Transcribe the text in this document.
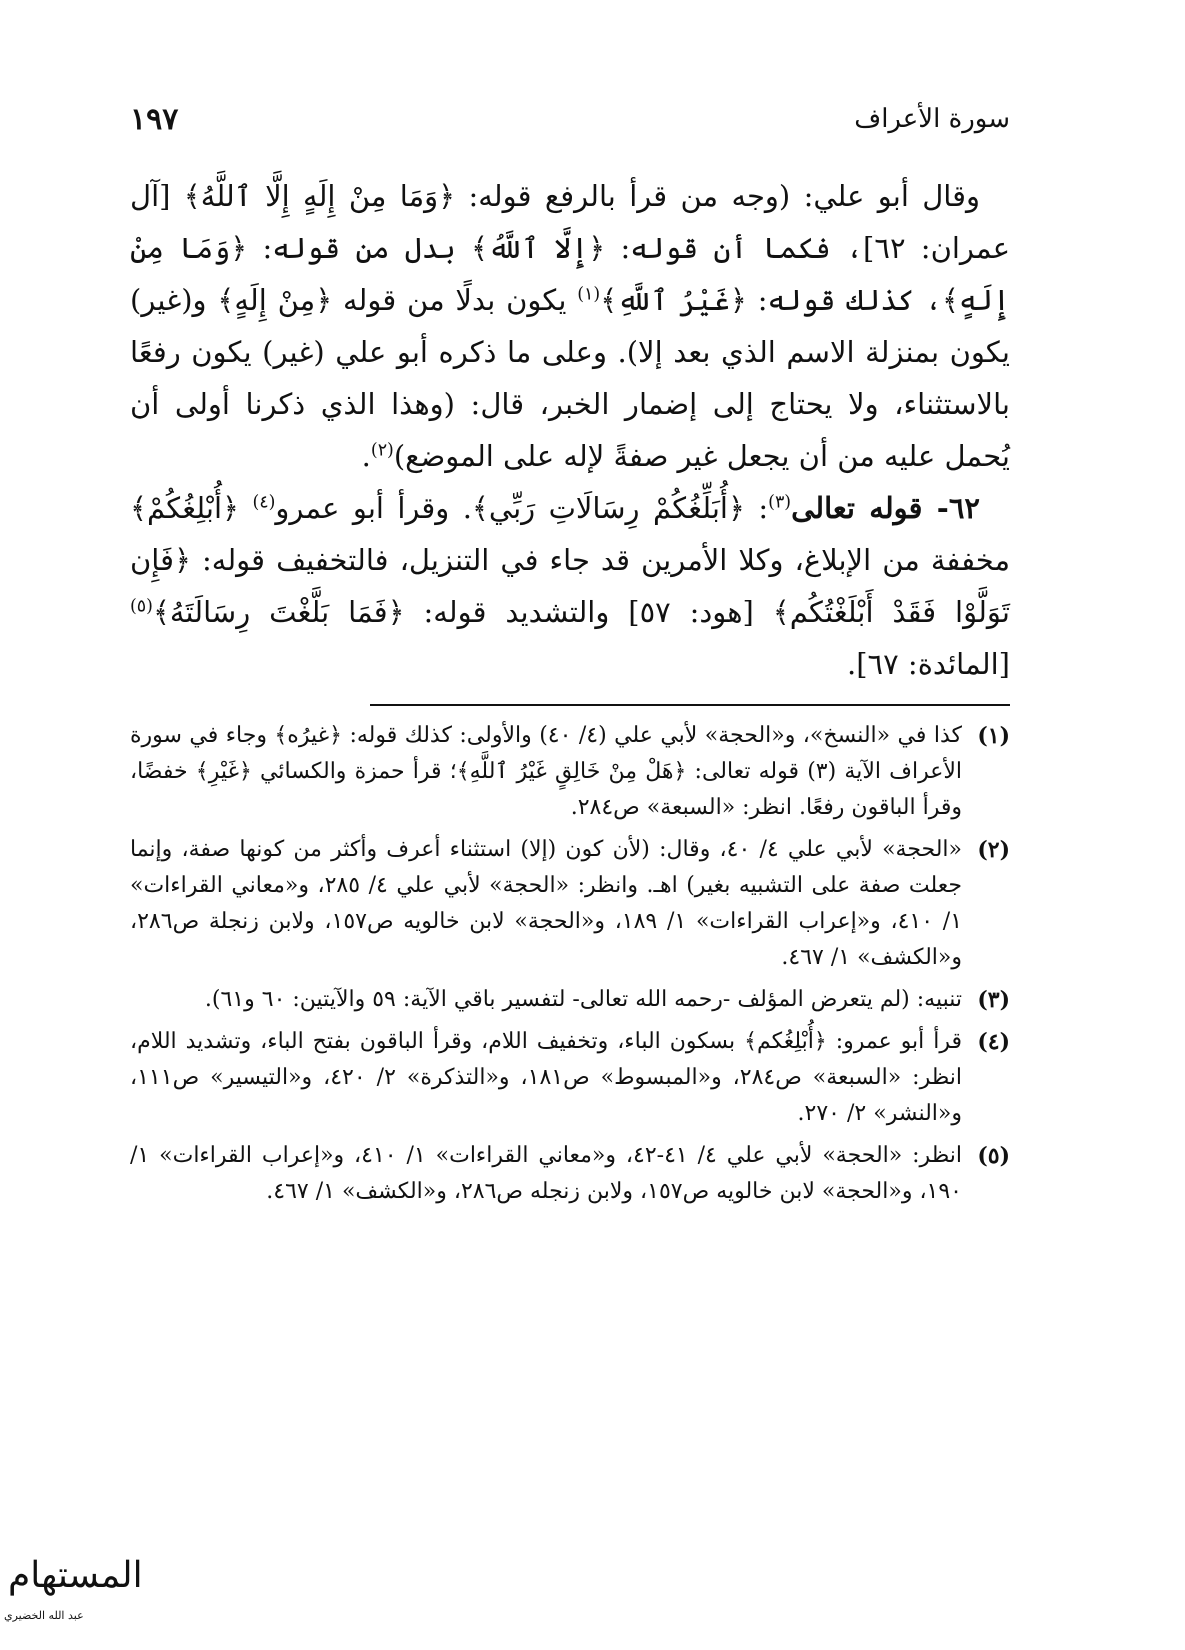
سورة الأعراف
١٩٧

وقال أبو علي: (وجه من قرأ بالرفع قوله: ﴿وَمَا مِنْ إِلَهٍ إِلَّا ٱللَّهُ﴾ [آل عمران: ٦٢]، فكما أن قوله: ﴿إِلَّا ٱللَّهُ﴾ بدل من قوله: ﴿وَمَا مِنْ إِلَهٍ﴾، كذلك قوله: ﴿غَيْرُ ٱللَّهِ﴾$^{(١)}$ يكون بدلًا من قوله ﴿مِنْ إِلَهٍ﴾ و(غير) يكون بمنزلة الاسم الذي بعد إلا). وعلى ما ذكره أبو علي (غير) يكون رفعًا بالاستثناء، ولا يحتاج إلى إضمار الخبر، قال: (وهذا الذي ذكرنا أولى أن يُحمل عليه من أن يجعل غير صفةً لإله على الموضع)$^{(٢)}$.

٦٢- قوله تعالى$^{(٣)}$: ﴿أُبَلِّغُكُمْ رِسَالَاتِ رَبِّي﴾. وقرأ أبو عمرو$^{(٤)}$ ﴿أُبْلِغُكُمْ﴾ مخففة من الإبلاغ، وكلا الأمرين قد جاء في التنزيل، فالتخفيف قوله: ﴿فَإِن تَوَلَّوْا فَقَدْ أَبْلَغْتُكُم﴾ [هود: ٥٧] والتشديد قوله: ﴿فَمَا بَلَّغْتَ رِسَالَتَهُ﴾$^{(٥)}$ [المائدة: ٦٧].

(١)
كذا في «النسخ»، و«الحجة» لأبي علي (٤/ ٤٠) والأولى: كذلك قوله: ﴿غيرُه﴾ وجاء في سورة الأعراف الآية (٣) قوله تعالى: ﴿هَلْ مِنْ خَالِقٍ غَيْرُ ٱللَّهِ﴾؛ قرأ حمزة والكسائي ﴿غَيْرِ﴾ خفضًا، وقرأ الباقون رفعًا. انظر: «السبعة» ص٢٨٤.
(٢)
«الحجة» لأبي علي ٤/ ٤٠، وقال: (لأن كون (إلا) استثناء أعرف وأكثر من كونها صفة، وإنما جعلت صفة على التشبيه بغير) اهـ. وانظر: «الحجة» لأبي علي ٤/ ٢٨٥، و«معاني القراءات» ١/ ٤١٠، و«إعراب القراءات» ١/ ١٨٩، و«الحجة» لابن خالويه ص١٥٧، ولابن زنجلة ص٢٨٦، و«الكشف» ١/ ٤٦٧.
(٣)
تنبيه: (لم يتعرض المؤلف -رحمه الله تعالى- لتفسير باقي الآية: ٥٩ والآيتين: ٦٠ و٦١).
(٤)
قرأ أبو عمرو: ﴿أُبْلِغُكم﴾ بسكون الباء، وتخفيف اللام، وقرأ الباقون بفتح الباء، وتشديد اللام، انظر: «السبعة» ص٢٨٤، و«المبسوط» ص١٨١، و«التذكرة» ٢/ ٤٢٠، و«التيسير» ص١١١، و«النشر» ٢/ ٢٧٠.
(٥)
انظر: «الحجة» لأبي علي ٤/ ٤١-٤٢، و«معاني القراءات» ١/ ٤١٠، و«إعراب القراءات» ١/ ١٩٠، و«الحجة» لابن خالويه ص١٥٧، ولابن زنجله ص٢٨٦، و«الكشف» ١/ ٤٦٧.
المستهام
عبد الله الخضيري
